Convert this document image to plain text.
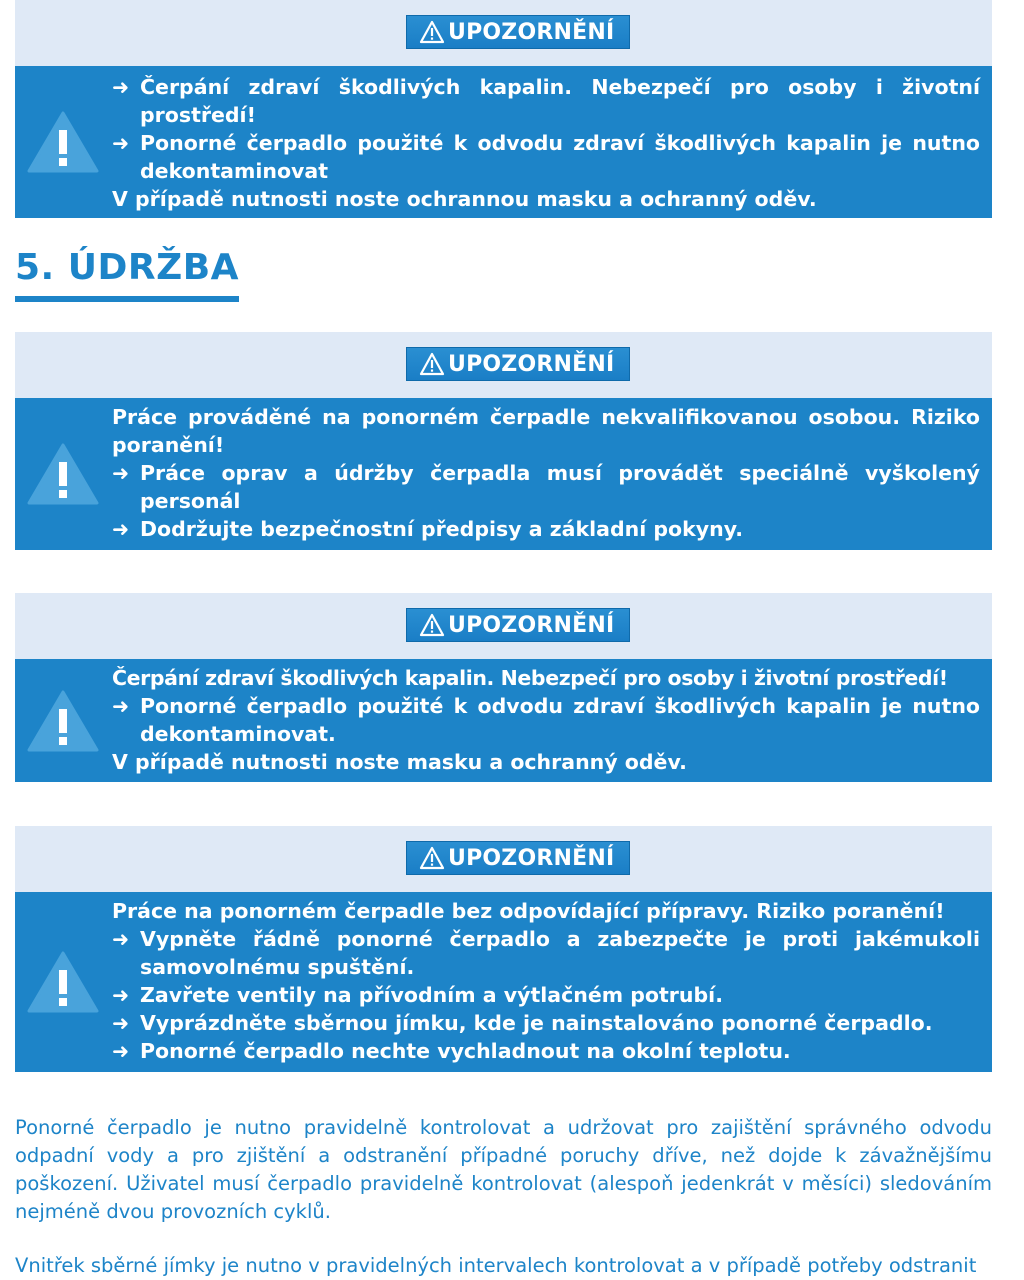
UPOZORNĚNÍ
➜ Čerpání zdraví škodlivých kapalin. Nebezpečí pro osoby i životní prostředí!
➜ Ponorné čerpadlo použité k odvodu zdraví škodlivých kapalin je nutno dekontaminovat
V případě nutnosti noste ochrannou masku a ochranný oděv.
5. ÚDRŽBA
UPOZORNĚNÍ
Práce prováděné na ponorném čerpadle nekvalifikovanou osobou. Riziko poranění!
➜ Práce oprav a údržby čerpadla musí provádět speciálně vyškolený personál
➜ Dodržujte bezpečnostní předpisy a základní pokyny.
UPOZORNĚNÍ
Čerpání zdraví škodlivých kapalin. Nebezpečí pro osoby i životní prostředí!
➜ Ponorné čerpadlo použité k odvodu zdraví škodlivých kapalin je nutno dekontaminovat.
V případě nutnosti noste masku a ochranný oděv.
UPOZORNĚNÍ
Práce na ponorném čerpadle bez odpovídající přípravy. Riziko poranění!
➜ Vypněte řádně ponorné čerpadlo a zabezpečte je proti jakémukoli samovolnému spuštění.
➜ Zavřete ventily na přívodním a výtlačném potrubí.
➜ Vyprázdněte sběrnou jímku, kde je nainstalováno ponorné čerpadlo.
➜ Ponorné čerpadlo nechte vychladnout na okolní teplotu.
Ponorné čerpadlo je nutno pravidelně kontrolovat a udržovat pro zajištění správného odvodu odpadní vody a pro zjištění a odstranění případné poruchy dříve, než dojde k závažnějšímu poškození. Uživatel musí čerpadlo pravidelně kontrolovat (alespoň jedenkrát v měsíci) sledováním nejméně dvou provozních cyklů.
Vnitřek sběrné jímky je nutno v pravidelných intervalech kontrolovat a v případě potřeby odstranit
